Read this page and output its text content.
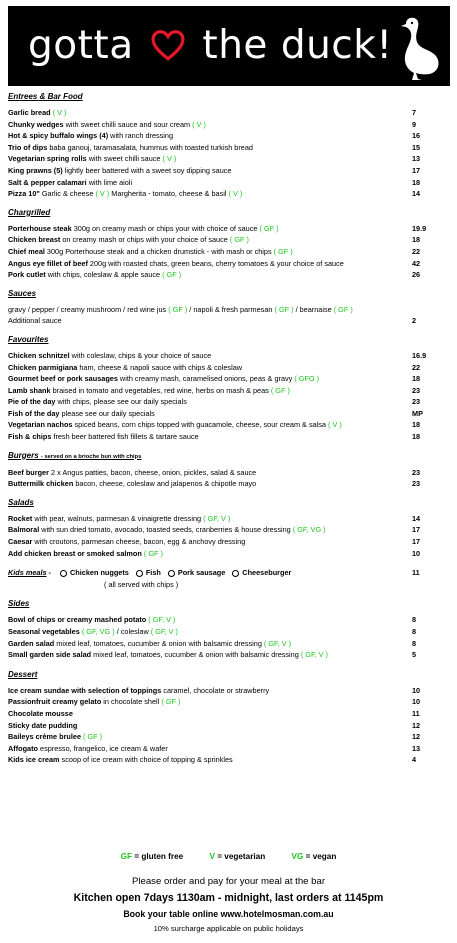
gotta the duck!
Entrees & Bar Food
Garlic bread ( V )	7
Chunky wedges with sweet chilli sauce and sour cream ( V )	9
Hot & spicy buffalo wings (4) with ranch dressing	16
Trio of dips baba ganouj, taramasalata, hummus with toasted turkish bread	15
Vegetarian spring rolls with sweet chilli sauce ( V )	13
King prawns (5) lightly beer battered with a sweet soy dipping sauce	17
Salt & pepper calamari with lime aioli	18
Pizza 10" Garlic & cheese ( V ) Margherita - tomato, cheese & basil ( V )	14
Chargrilled
Porterhouse steak 300g on creamy mash or chips your with choice of sauce ( GF )	19.9
Chicken breast on creamy mash or chips with your choice of sauce ( GF )	18
Chief meal 300g Porterhouse steak and a chicken drumstick - with mash or chips ( GF )	22
Angus eye fillet of beef 200g with roasted chats, green beans, cherry tomatoes & your choice of sauce	42
Pork cutlet with chips, coleslaw & apple sauce ( GF )	26
Sauces
gravy / pepper / creamy mushroom / red wine jus ( GF ) / napoli & fresh parmesan ( GF ) / bearnaise ( GF )
Additional sauce	2
Favourites
Chicken schnitzel with coleslaw, chips & your choice of sauce	16.9
Chicken parmigiana ham, cheese & napoli sauce with chips & coleslaw	22
Gourmet beef or pork sausages with creamy mash, caramelised onions, peas & gravy ( GFO )	18
Lamb shank braised in tomato and vegetables, red wine, herbs on mash & peas ( GF )	23
Pie of the day with chips, please see our daily specials	23
Fish of the day please see our daily specials	MP
Vegetarian nachos spiced beans, corn chips topped with guacamole, cheese, sour cream & salsa ( V )	18
Fish & chips fresh beer battered fish fillets & tartare sauce	18
Burgers - served on a brioche bun with chips
Beef burger 2 x Angus patties, bacon, cheese, onion, pickles, salad & sauce	23
Buttermilk chicken bacon, cheese, coleslaw and jalapenos & chipotle mayo	23
Salads
Rocket with pear, walnuts, parmesan & vinaigrette dressing ( GF, V )	14
Balmoral with sun dried tomato, avocado, toasted seeds, cranberries & house dressing ( GF, VG )	17
Caesar with croutons, parmesan cheese, bacon, egg & anchovy dressing	17
Add chicken breast or smoked salmon ( GF )	10
Kids meals - Chicken nuggets Fish Pork sausage Cheeseburger	11
( all served with chips )
Sides
Bowl of chips or creamy mashed potato ( GF, V )	8
Seasonal vegetables ( GF, VG ) / coleslaw ( GF, V )	8
Garden salad mixed leaf, tomatoes, cucumber & onion with balsamic dressing ( GF, V )	8
Small garden side salad mixed leaf, tomatoes, cucumber & onion with balsamic dressing ( GF, V )	5
Dessert
Ice cream sundae with selection of toppings caramel, chocolate or strawberry	10
Passionfruit creamy gelato in chocolate shell ( GF )	10
Chocolate mousse	11
Sticky date pudding	12
Baileys crème brulee ( GF )	12
Affogato espresso, frangelico, ice cream & wafer	13
Kids ice cream scoop of ice cream with choice of topping & sprinkles	4
GF = gluten free	V = vegetarian	VG = vegan
Please order and pay for your meal at the bar
Kitchen open 7days 1130am - midnight, last orders at 1145pm
Book your table online www.hotelmosman.com.au
10% surcharge applicable on public holidays
